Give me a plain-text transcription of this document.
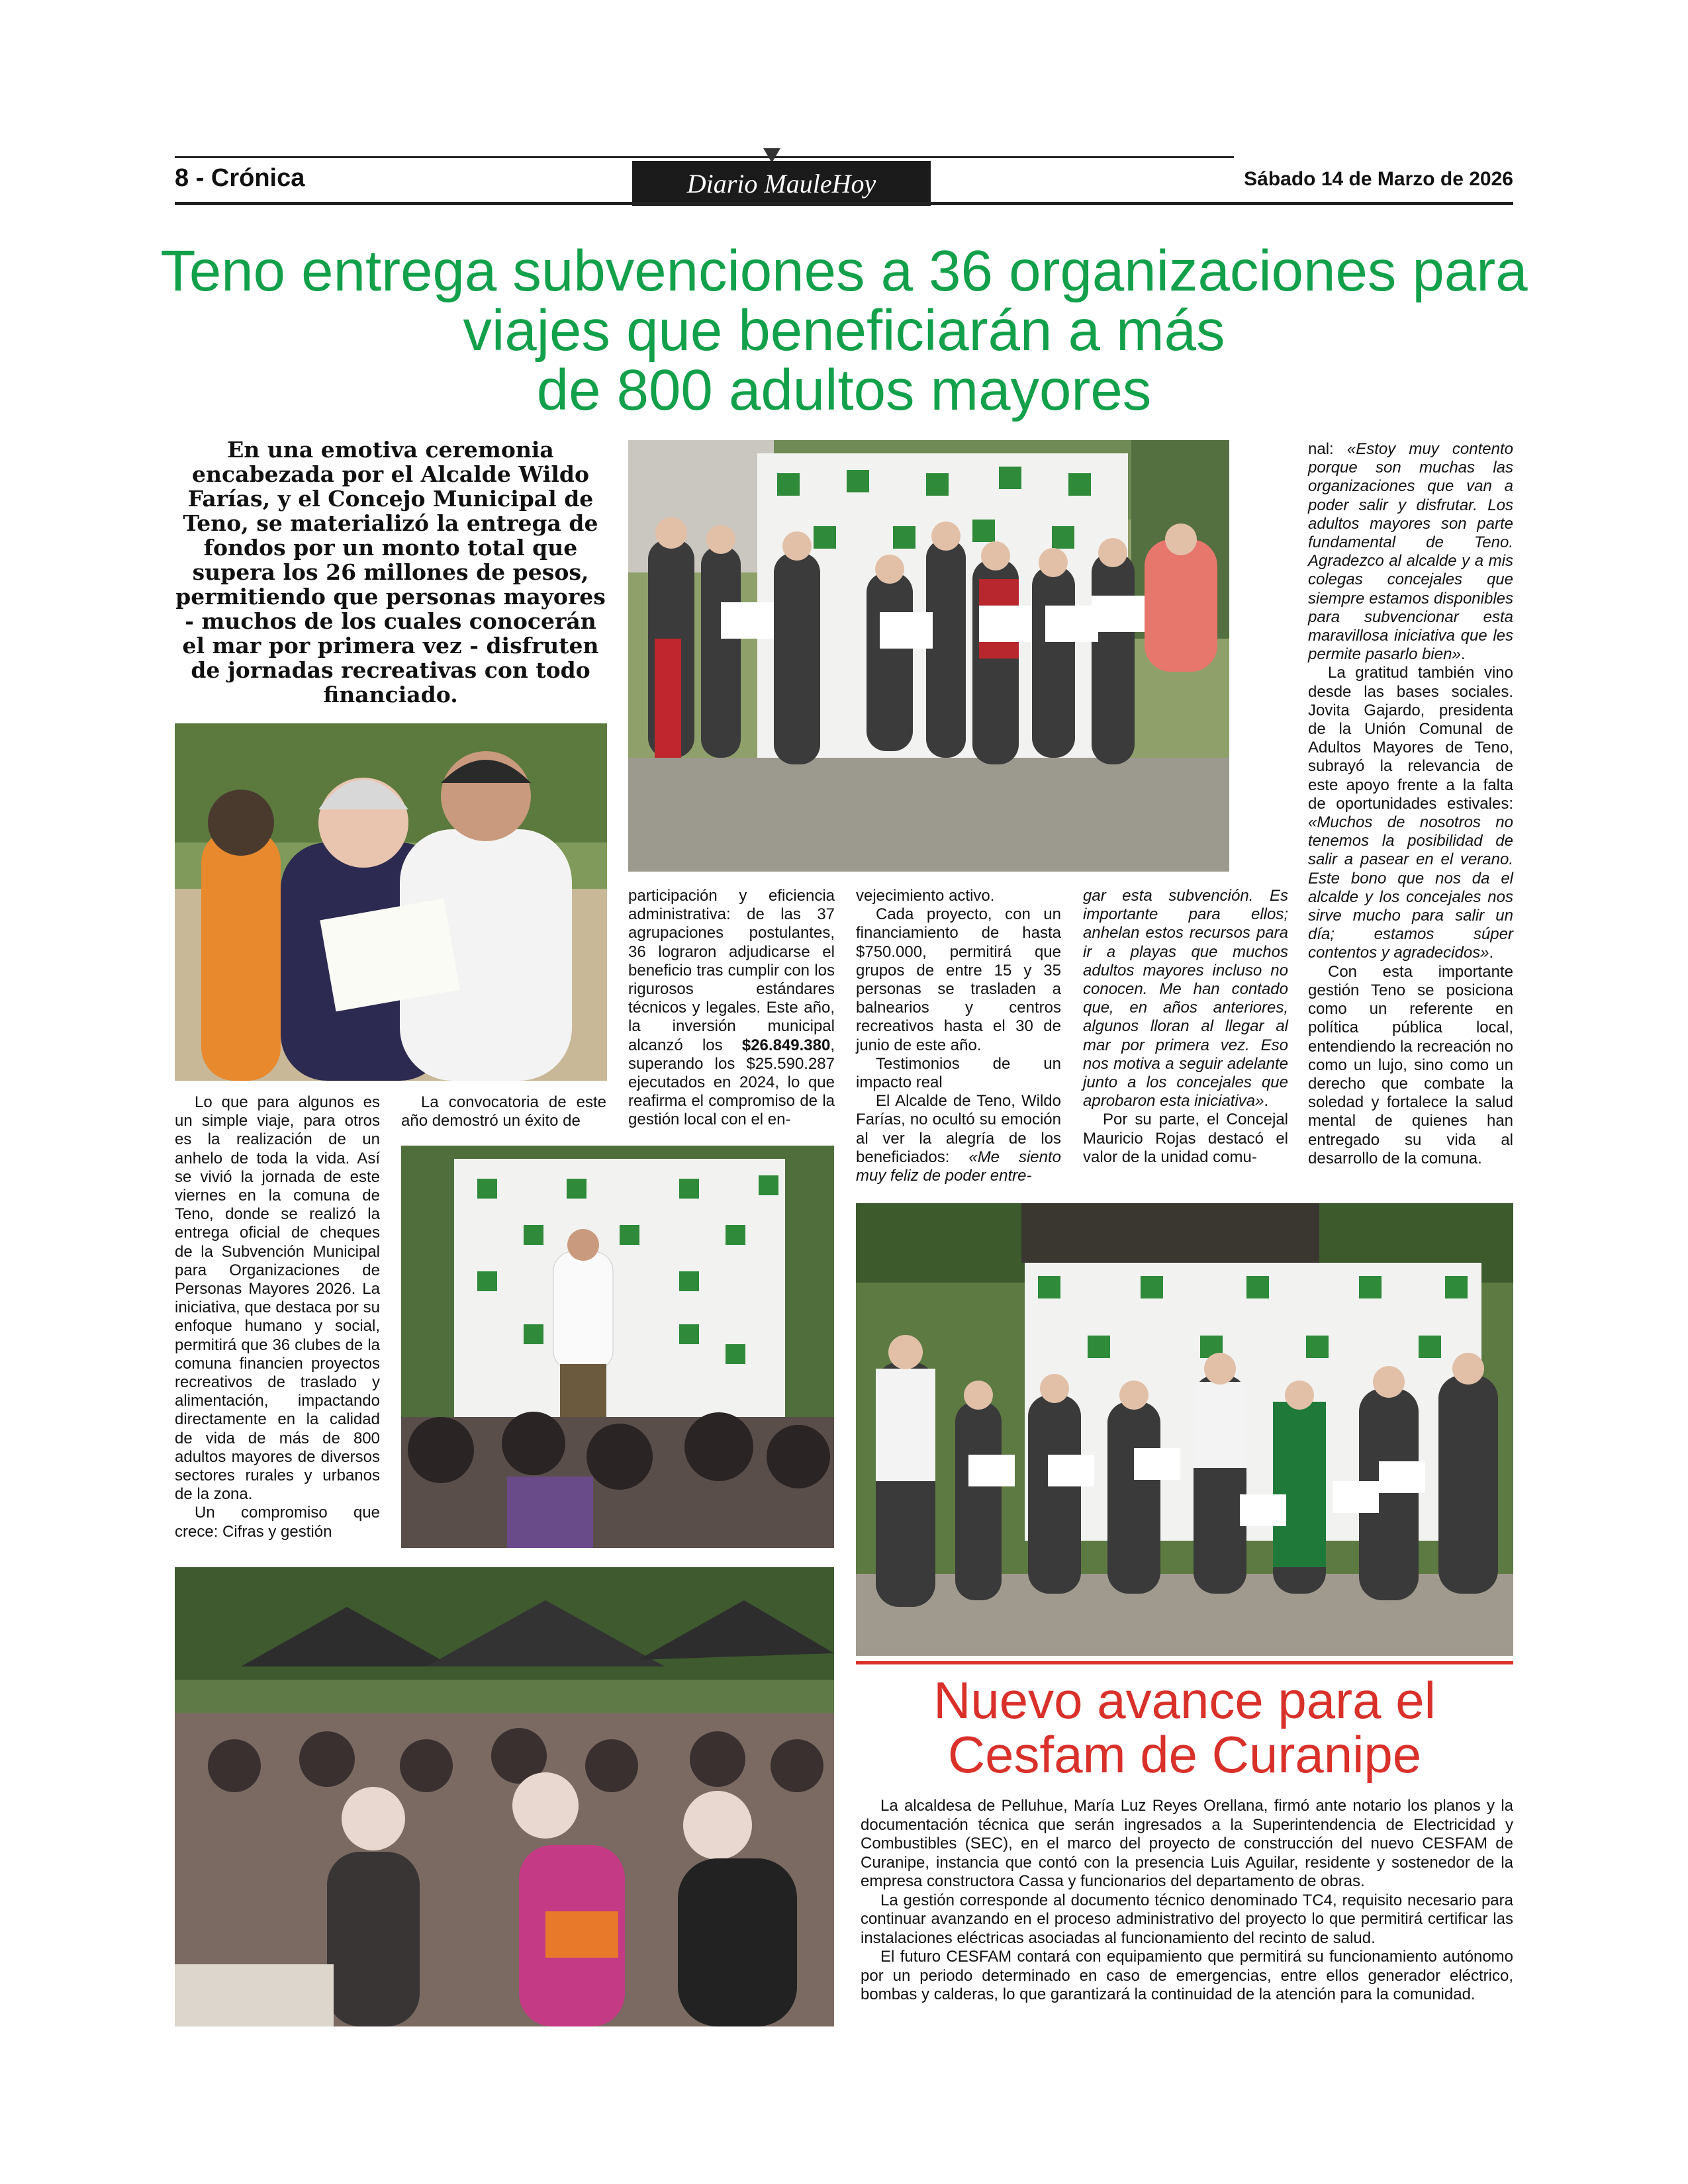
8 - Crónica	Diario MauleHoy	Sábado 14 de Marzo de 2026
Teno entrega subvenciones a 36 organizaciones para
viajes que beneficiarán a más
de 800 adultos mayores
En una emotiva ceremonia encabezada por el Alcalde Wildo Farías, y el Concejo Municipal de Teno, se materializó la entrega de fondos por un monto total que supera los 26 millones de pesos, permitiendo que personas mayores - muchos de los cuales conocerán el mar por primera vez - disfruten de jornadas recreativas con todo financiado.

Lo que para algunos es un simple viaje, para otros es la realización de un anhelo de toda la vida. Así se vivió la jornada de este viernes en la comuna de Teno, donde se realizó la entrega oficial de cheques de la Subvención Municipal para Organizaciones de Personas Mayores 2026. La iniciativa, que destaca por su enfoque humano y social, permitirá que 36 clubes de la comuna financien proyectos recreativos de traslado y alimentación, impactando directamente en la calidad de vida de más de 800 adultos mayores de diversos sectores rurales y urbanos de la zona.

Un compromiso que crece: Cifras y gestión

La convocatoria de este año demostró un éxito de

participación y eficiencia administrativa: de las 37 agrupaciones postulantes, 36 lograron adjudicarse el beneficio tras cumplir con los rigurosos estándares técnicos y legales. Este año, la inversión municipal alcanzó los $26.849.380, superando los $25.590.287 ejecutados en 2024, lo que reafirma el compromiso de la gestión local con el en-

vejecimiento activo.

Cada proyecto, con un financiamiento de hasta $750.000, permitirá que grupos de entre 15 y 35 personas se trasladen a balnearios y centros recreativos hasta el 30 de junio de este año.

Testimonios de un impacto real

El Alcalde de Teno, Wildo Farías, no ocultó su emoción al ver la alegría de los beneficiados: «Me siento muy feliz de poder entre-

gar esta subvención. Es importante para ellos; anhelan estos recursos para ir a playas que muchos adultos mayores incluso no conocen. Me han contado que, en años anteriores, algunos lloran al llegar al mar por primera vez. Eso nos motiva a seguir adelante junto a los concejales que aprobaron esta iniciativa».

Por su parte, el Concejal Mauricio Rojas destacó el valor de la unidad comu-

nal: «Estoy muy contento porque son muchas las organizaciones que van a poder salir y disfrutar. Los adultos mayores son parte fundamental de Teno. Agradezco al alcalde y a mis colegas concejales que siempre estamos disponibles para subvencionar esta maravillosa iniciativa que les permite pasarlo bien».

La gratitud también vino desde las bases sociales. Jovita Gajardo, presidenta de la Unión Comunal de Adultos Mayores de Teno, subrayó la relevancia de este apoyo frente a la falta de oportunidades estivales: «Muchos de nosotros no tenemos la posibilidad de salir a pasear en el verano. Este bono que nos da el alcalde y los concejales nos sirve mucho para salir un día; estamos súper contentos y agradecidos».

Con esta importante gestión Teno se posiciona como un referente en política pública local, entendiendo la recreación no como un lujo, sino como un derecho que combate la soledad y fortalece la salud mental de quienes han entregado su vida al desarrollo de la comuna.

Nuevo avance para el
Cesfam de Curanipe

La alcaldesa de Pelluhue, María Luz Reyes Orellana, firmó ante notario los planos y la documentación técnica que serán ingresados a la Superintendencia de Electricidad y Combustibles (SEC), en el marco del proyecto de construcción del nuevo CESFAM de Curanipe, instancia que contó con la presencia Luis Aguilar, residente y sostenedor de la empresa constructora Cassa y funcionarios del departamento de obras.

La gestión corresponde al documento técnico denominado TC4, requisito necesario para continuar avanzando en el proceso administrativo del proyecto lo que permitirá certificar las instalaciones eléctricas asociadas al funcionamiento del recinto de salud.

El futuro CESFAM contará con equipamiento que permitirá su funcionamiento autónomo por un periodo determinado en caso de emergencias, entre ellos generador eléctrico, bombas y calderas, lo que garantizará la continuidad de la atención para la comunidad.
